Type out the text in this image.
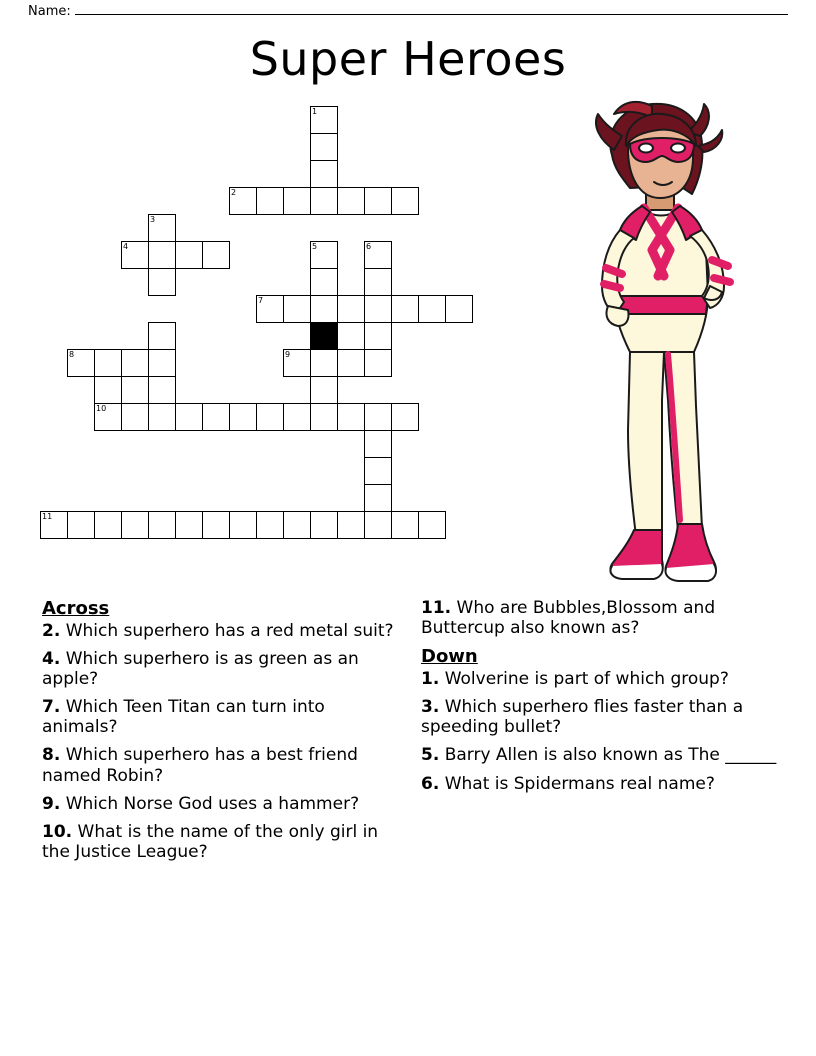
Name:
Super Heroes
1
2
3
4	5	6
7
8	9
10
11
Across

2. Which superhero has a red metal suit?

4. Which superhero is as green as an apple?

7. Which Teen Titan can turn into animals?

8. Which superhero has a best friend named Robin?

9. Which Norse God uses a hammer?

10. What is the name of the only girl in the Justice League?

11. Who are Bubbles,Blossom and Buttercup also known as?

Down

1. Wolverine is part of which group?

3. Which superhero flies faster than a speeding bullet?

5. Barry Allen is also known as The ______

6. What is Spidermans real name?
